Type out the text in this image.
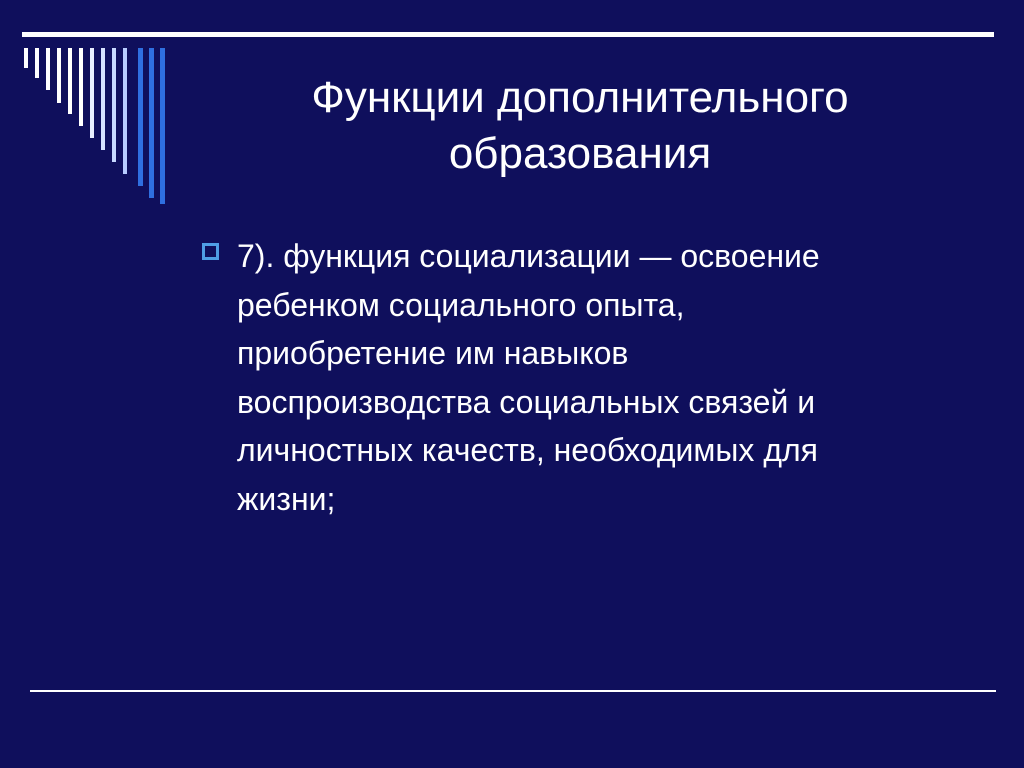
Функции дополнительного
образования
7). функция социализации — освоение
ребенком социального опыта,
приобретение им навыков
воспроизводства социальных связей и
личностных качеств, необходимых для
жизни;
